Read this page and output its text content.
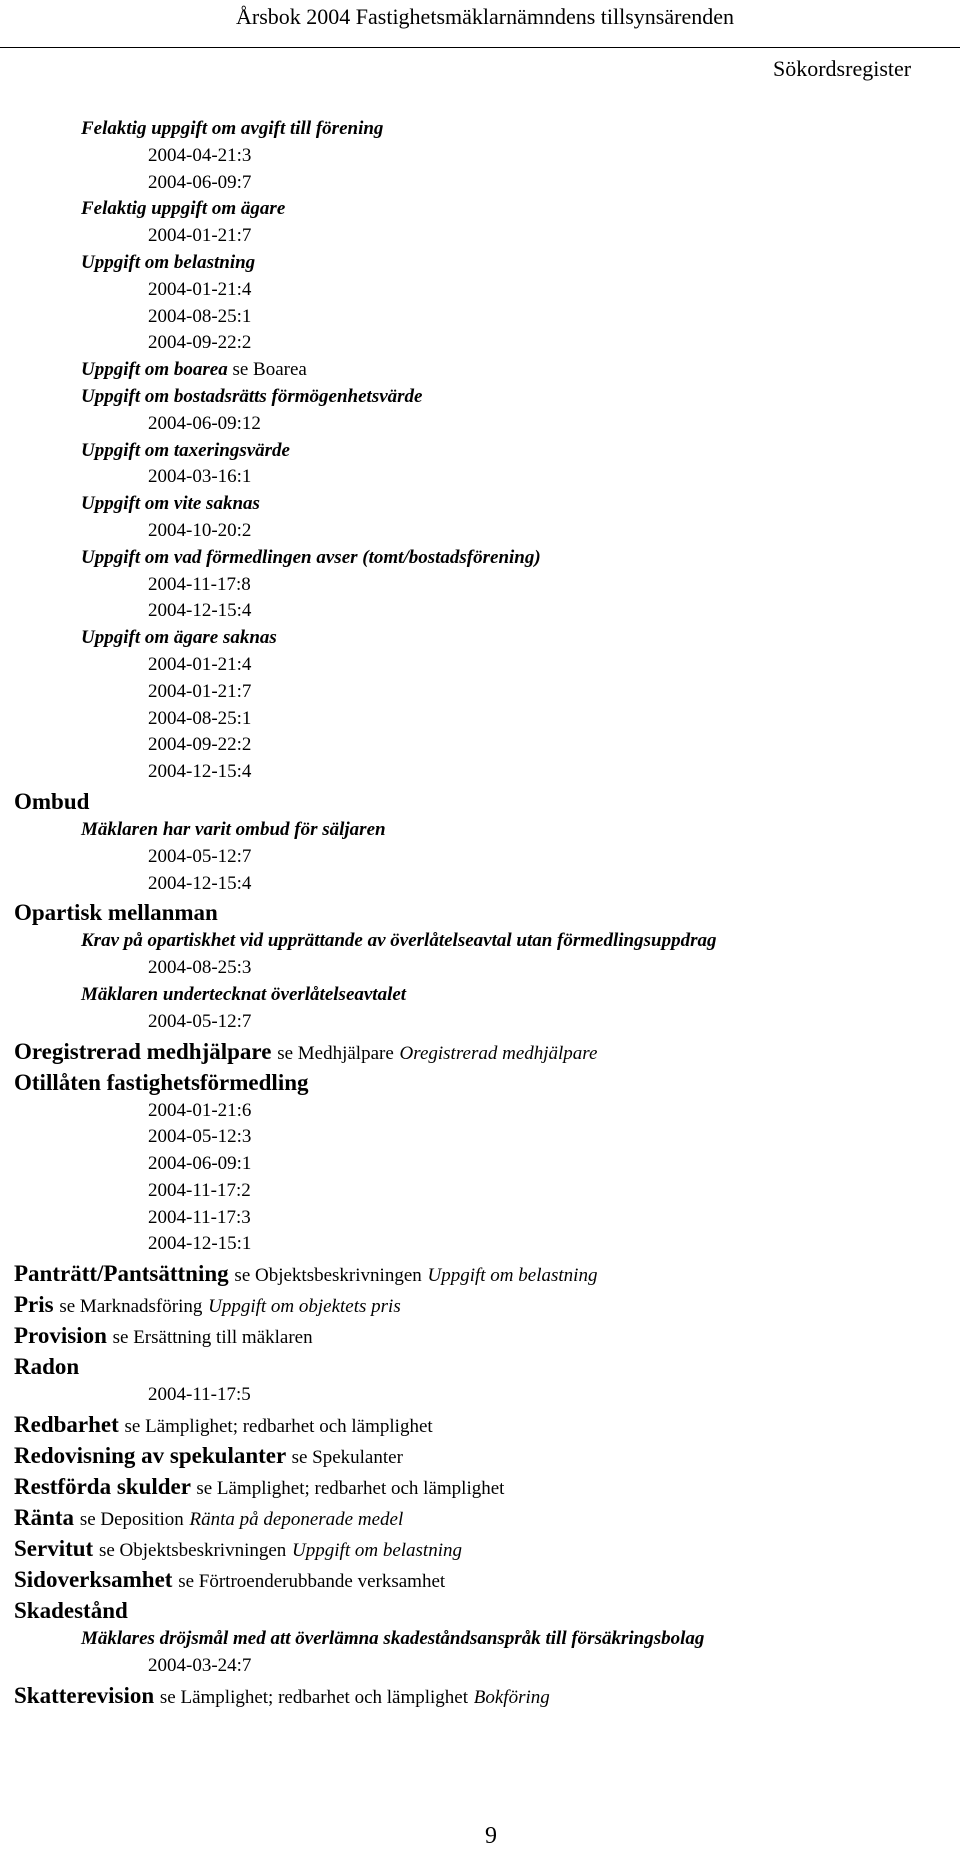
Årsbok 2004 Fastighetsmäklarnämndens tillsynsärenden
Sökordsregister
Felaktig uppgift om avgift till förening
2004-04-21:3
2004-06-09:7
Felaktig uppgift om ägare
2004-01-21:7
Uppgift om belastning
2004-01-21:4
2004-08-25:1
2004-09-22:2
Uppgift om boarea se Boarea
Uppgift om bostadsrätts förmögenhetsvärde
2004-06-09:12
Uppgift om taxeringsvärde
2004-03-16:1
Uppgift om vite saknas
2004-10-20:2
Uppgift om vad förmedlingen avser (tomt/bostadsförening)
2004-11-17:8
2004-12-15:4
Uppgift om ägare saknas
2004-01-21:4
2004-01-21:7
2004-08-25:1
2004-09-22:2
2004-12-15:4
Ombud
Mäklaren har varit ombud för säljaren
2004-05-12:7
2004-12-15:4
Opartisk mellanman
Krav på opartiskhet vid upprättande av överlåtelseavtal utan förmedlingsuppdrag
2004-08-25:3
Mäklaren undertecknat överlåtelseavtalet
2004-05-12:7
Oregistrerad medhjälpare se Medhjälpare Oregistrerad medhjälpare
Otillåten fastighetsförmedling
2004-01-21:6
2004-05-12:3
2004-06-09:1
2004-11-17:2
2004-11-17:3
2004-12-15:1
Panträtt/Pantsättning se Objektsbeskrivningen Uppgift om belastning
Pris se Marknadsföring Uppgift om objektets pris
Provision se Ersättning till mäklaren
Radon
2004-11-17:5
Redbarhet se Lämplighet; redbarhet och lämplighet
Redovisning av spekulanter se Spekulanter
Restförda skulder se Lämplighet; redbarhet och lämplighet
Ränta se Deposition Ränta på deponerade medel
Servitut se Objektsbeskrivningen Uppgift om belastning
Sidoverksamhet se Förtroenderubbande verksamhet
Skadestånd
Mäklares dröjsmål med att överlämna skadeståndsanspråk till försäkringsbolag
2004-03-24:7
Skatterevision se Lämplighet; redbarhet och lämplighet Bokföring
9
